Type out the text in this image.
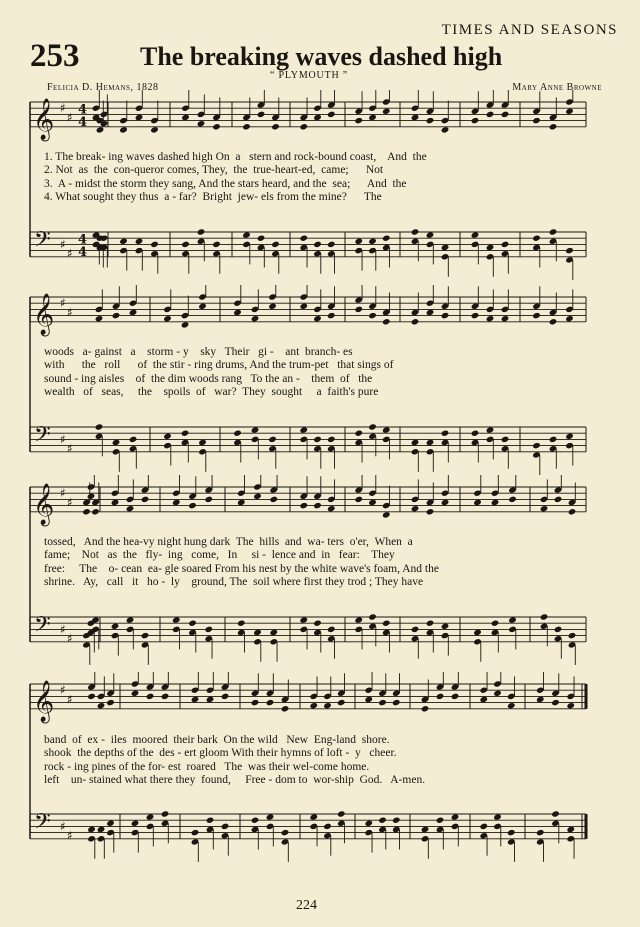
TIMES AND SEASONS
253 The breaking waves dashed high
“ PLYMOUTH ”
Felicia D. Hemans, 1828	Mary Anne Browne
𝄞
𝄢
♯
♯
♯
♯
4
4
4
4
1. The break- ing waves dashed high On  a   stern and rock-bound coast,    And  the
2. Not  as  the  con-queror comes, They,  the  true-heart-ed,  came;      Not
3.  A - midst the storm they sang, And the stars heard, and the  sea;      And  the
4. What sought they thus  a - far?  Bright  jew- els from the mine?      The
𝄞
𝄢
♯
♯
♯
♯
woods   a- gainst   a    storm - y    sky   Their   gi -    ant  branch- es
with      the   roll      of  the stir - ring drums, And the trum-pet   that sings of
sound - ing aisles    of  the dim woods rang   To the an -    them  of   the
wealth   of   seas,     the    spoils  of   war?  They  sought     a  faith's pure
𝄞
𝄢
♯
♯
♯
♯
tossed,   And the hea-vy night hung dark  The  hills  and  wa- ters  o'er,  When  a
fame;    Not   as  the   fly-  ing   come,   In     si -  lence and  in   fear:    They
free:     The    o- cean  ea- gle soared From his nest by the white wave's foam, And the
shrine.   Ay,   call   it   ho -  ly    ground, The  soil where first they trod ; They have
𝄞
𝄢
♯
♯
♯
♯
band  of  ex -  iles  moored  their bark  On the wild   New  Eng-land  shore.
shook  the depths of the  des - ert gloom With their hymns of loft -  y   cheer.
rock - ing pines of the for- est  roared   The  was their wel-come home.
left    un- stained what there they  found,     Free - dom to  wor-ship  God.   A-men.
224
